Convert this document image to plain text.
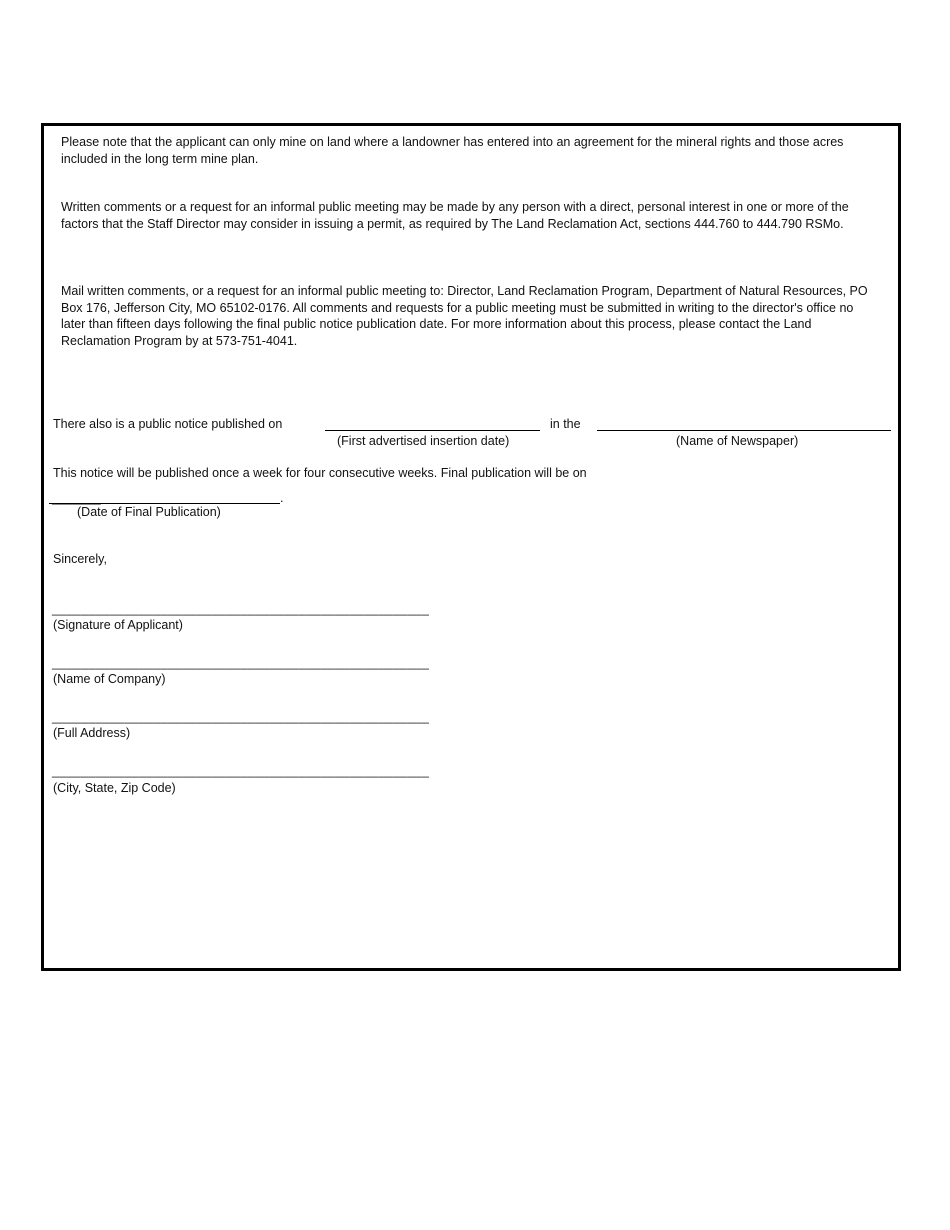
Please note that the applicant can only mine on land where a landowner has entered into an agreement for the mineral rights and those acres included in the long term mine plan.

Written comments or a request for an informal public meeting may be made by any person with a direct, personal interest in one or more of the factors that the Staff Director may consider in issuing a permit, as required by The Land Reclamation Act, sections 444.760 to 444.790 RSMo.

Mail written comments, or a request for an informal public meeting to: Director, Land Reclamation Program, Department of Natural Resources, PO Box 176, Jefferson City, MO 65102-0176. All comments and requests for a public meeting must be submitted in writing to the director's office no later than fifteen days following the final public notice publication date. For more information about this process, please contact the Land Reclamation Program by at 573-751-4041.

There also is a public notice published on	in the
(First advertised insertion date)	(Name of Newspaper)
This notice will be published once a week for four consecutive weeks. Final publication will be on
_______	.
(Date of Final Publication)
Sincerely,
____________________________________________________
(Signature of Applicant)
____________________________________________________
(Name of Company)
____________________________________________________
(Full Address)
____________________________________________________
(City, State, Zip Code)
